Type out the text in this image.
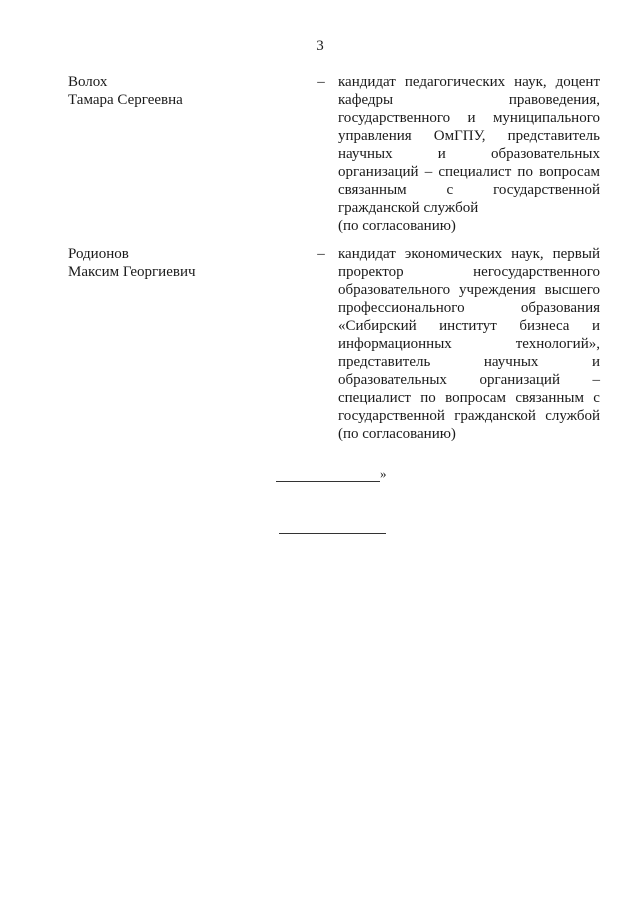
3
Волох
Тамара Сергеевна
– кандидат педагогических наук, доцент
кафедры	правоведения,
государственного и муниципального
управления ОмГПУ, представитель
научных	и	образовательных
организаций – специалист по вопросам
связанным	с	государственной
гражданской службой
(по согласованию)
Родионов
Максим Георгиевич
– кандидат экономических наук, первый
проректор	негосударственного
образовательного учреждения высшего
профессионального	образования
«Сибирский институт бизнеса и
информационных	технологий»,
представитель	научных	и
образовательных организаций –
специалист по вопросам связанным с
государственной гражданской службой
(по согласованию)
»
